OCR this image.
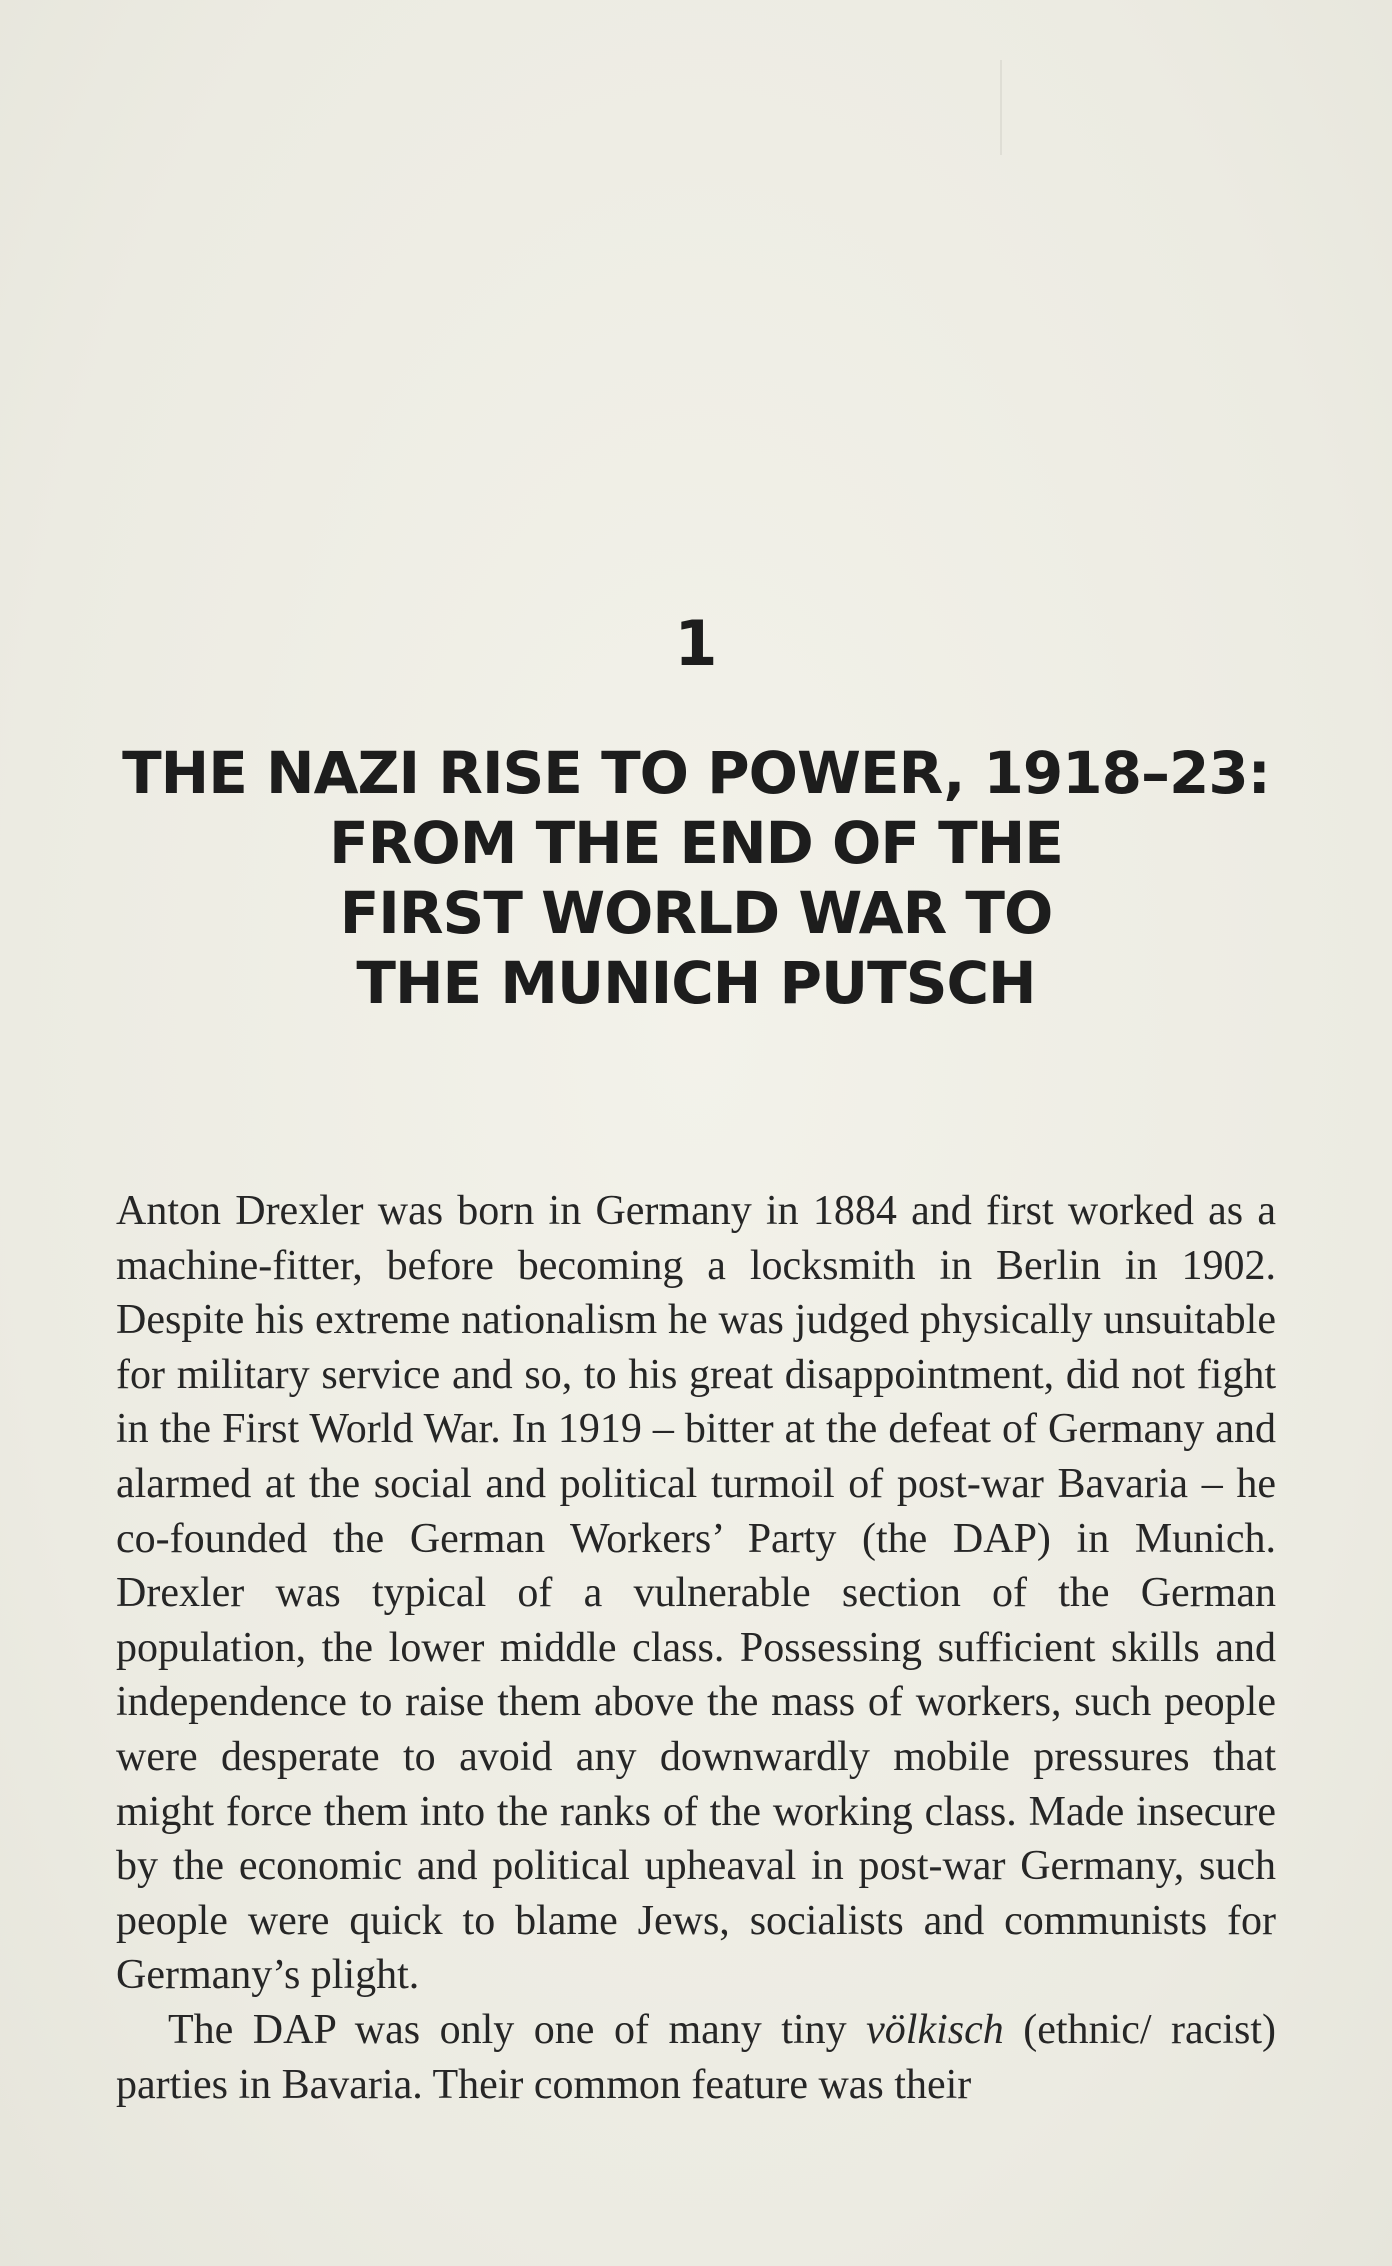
1
THE NAZI RISE TO POWER, 1918–23:
FROM THE END OF THE
FIRST WORLD WAR TO
THE MUNICH PUTSCH

Anton Drexler was born in Germany in 1884 and first worked as a machine-fitter, before becoming a locksmith in Berlin in 1902. Despite his extreme nationalism he was judged physically unsuitable for military service and so, to his great disappointment, did not fight in the First World War. In 1919 – bitter at the defeat of Germany and alarmed at the social and political turmoil of post-war Bavaria – he co-founded the German Workers’ Party (the DAP) in Munich. Drexler was typical of a vulnerable section of the German population, the lower middle class. Possessing sufficient skills and independence to raise them above the mass of workers, such people were desperate to avoid any downwardly mobile pressures that might force them into the ranks of the working class. Made insecure by the economic and political upheaval in post-war Germany, such people were quick to blame Jews, socialists and communists for Germany’s plight.

The DAP was only one of many tiny völkisch (ethnic/ racist) parties in Bavaria. Their common feature was their
